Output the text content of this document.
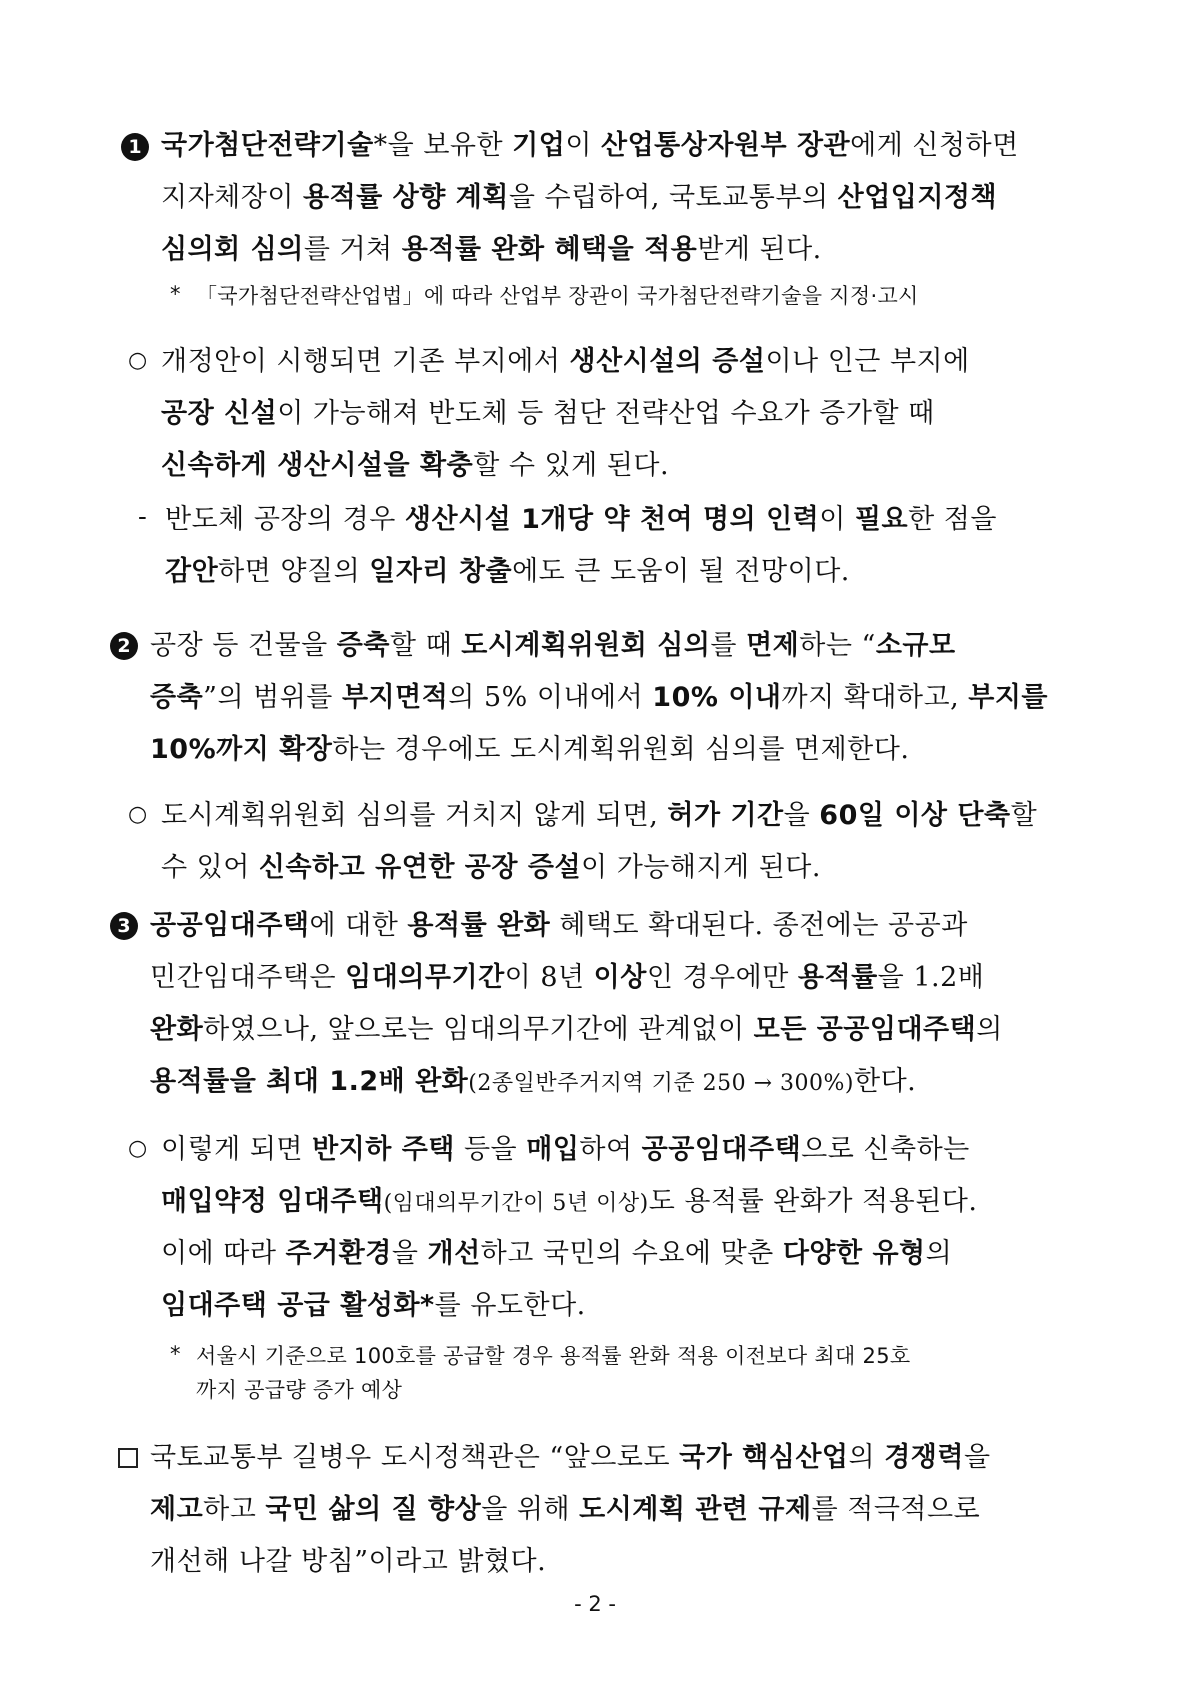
1 국가첨단전략기술*을 보유한 기업이 산업통상자원부 장관에게 신청하면
지자체장이 용적률 상향 계획을 수립하여, 국토교통부의 산업입지정책
심의회 심의를 거쳐 용적률 완화 혜택을 적용받게 된다.
* 「국가첨단전략산업법」에 따라 산업부 장관이 국가첨단전략기술을 지정·고시
○ 개정안이 시행되면 기존 부지에서 생산시설의 증설이나 인근 부지에
공장 신설이 가능해져 반도체 등 첨단 전략산업 수요가 증가할 때
신속하게 생산시설을 확충할 수 있게 된다.
- 반도체 공장의 경우 생산시설 1개당 약 천여 명의 인력이 필요한 점을
감안하면 양질의 일자리 창출에도 큰 도움이 될 전망이다.
2 공장 등 건물을 증축할 때 도시계획위원회 심의를 면제하는 “소규모
증축”의 범위를 부지면적의 5% 이내에서 10% 이내까지 확대하고, 부지를
10%까지 확장하는 경우에도 도시계획위원회 심의를 면제한다.
○ 도시계획위원회 심의를 거치지 않게 되면, 허가 기간을 60일 이상 단축할
수 있어 신속하고 유연한 공장 증설이 가능해지게 된다.
3 공공임대주택에 대한 용적률 완화 혜택도 확대된다. 종전에는 공공과
민간임대주택은 임대의무기간이 8년 이상인 경우에만 용적률을 1.2배
완화하였으나, 앞으로는 임대의무기간에 관계없이 모든 공공임대주택의
용적률을 최대 1.2배 완화(2종일반주거지역 기준 250 → 300%)한다.
○ 이렇게 되면 반지하 주택 등을 매입하여 공공임대주택으로 신축하는
매입약정 임대주택(임대의무기간이 5년 이상)도 용적률 완화가 적용된다.
이에 따라 주거환경을 개선하고 국민의 수요에 맞춘 다양한 유형의
임대주택 공급 활성화*를 유도한다.
* 서울시 기준으로 100호를 공급할 경우 용적률 완화 적용 이전보다 최대 25호
까지 공급량 증가 예상
국토교통부 길병우 도시정책관은 “앞으로도 국가 핵심산업의 경쟁력을
제고하고 국민 삶의 질 향상을 위해 도시계획 관련 규제를 적극적으로
개선해 나갈 방침”이라고 밝혔다.
- 2 -
